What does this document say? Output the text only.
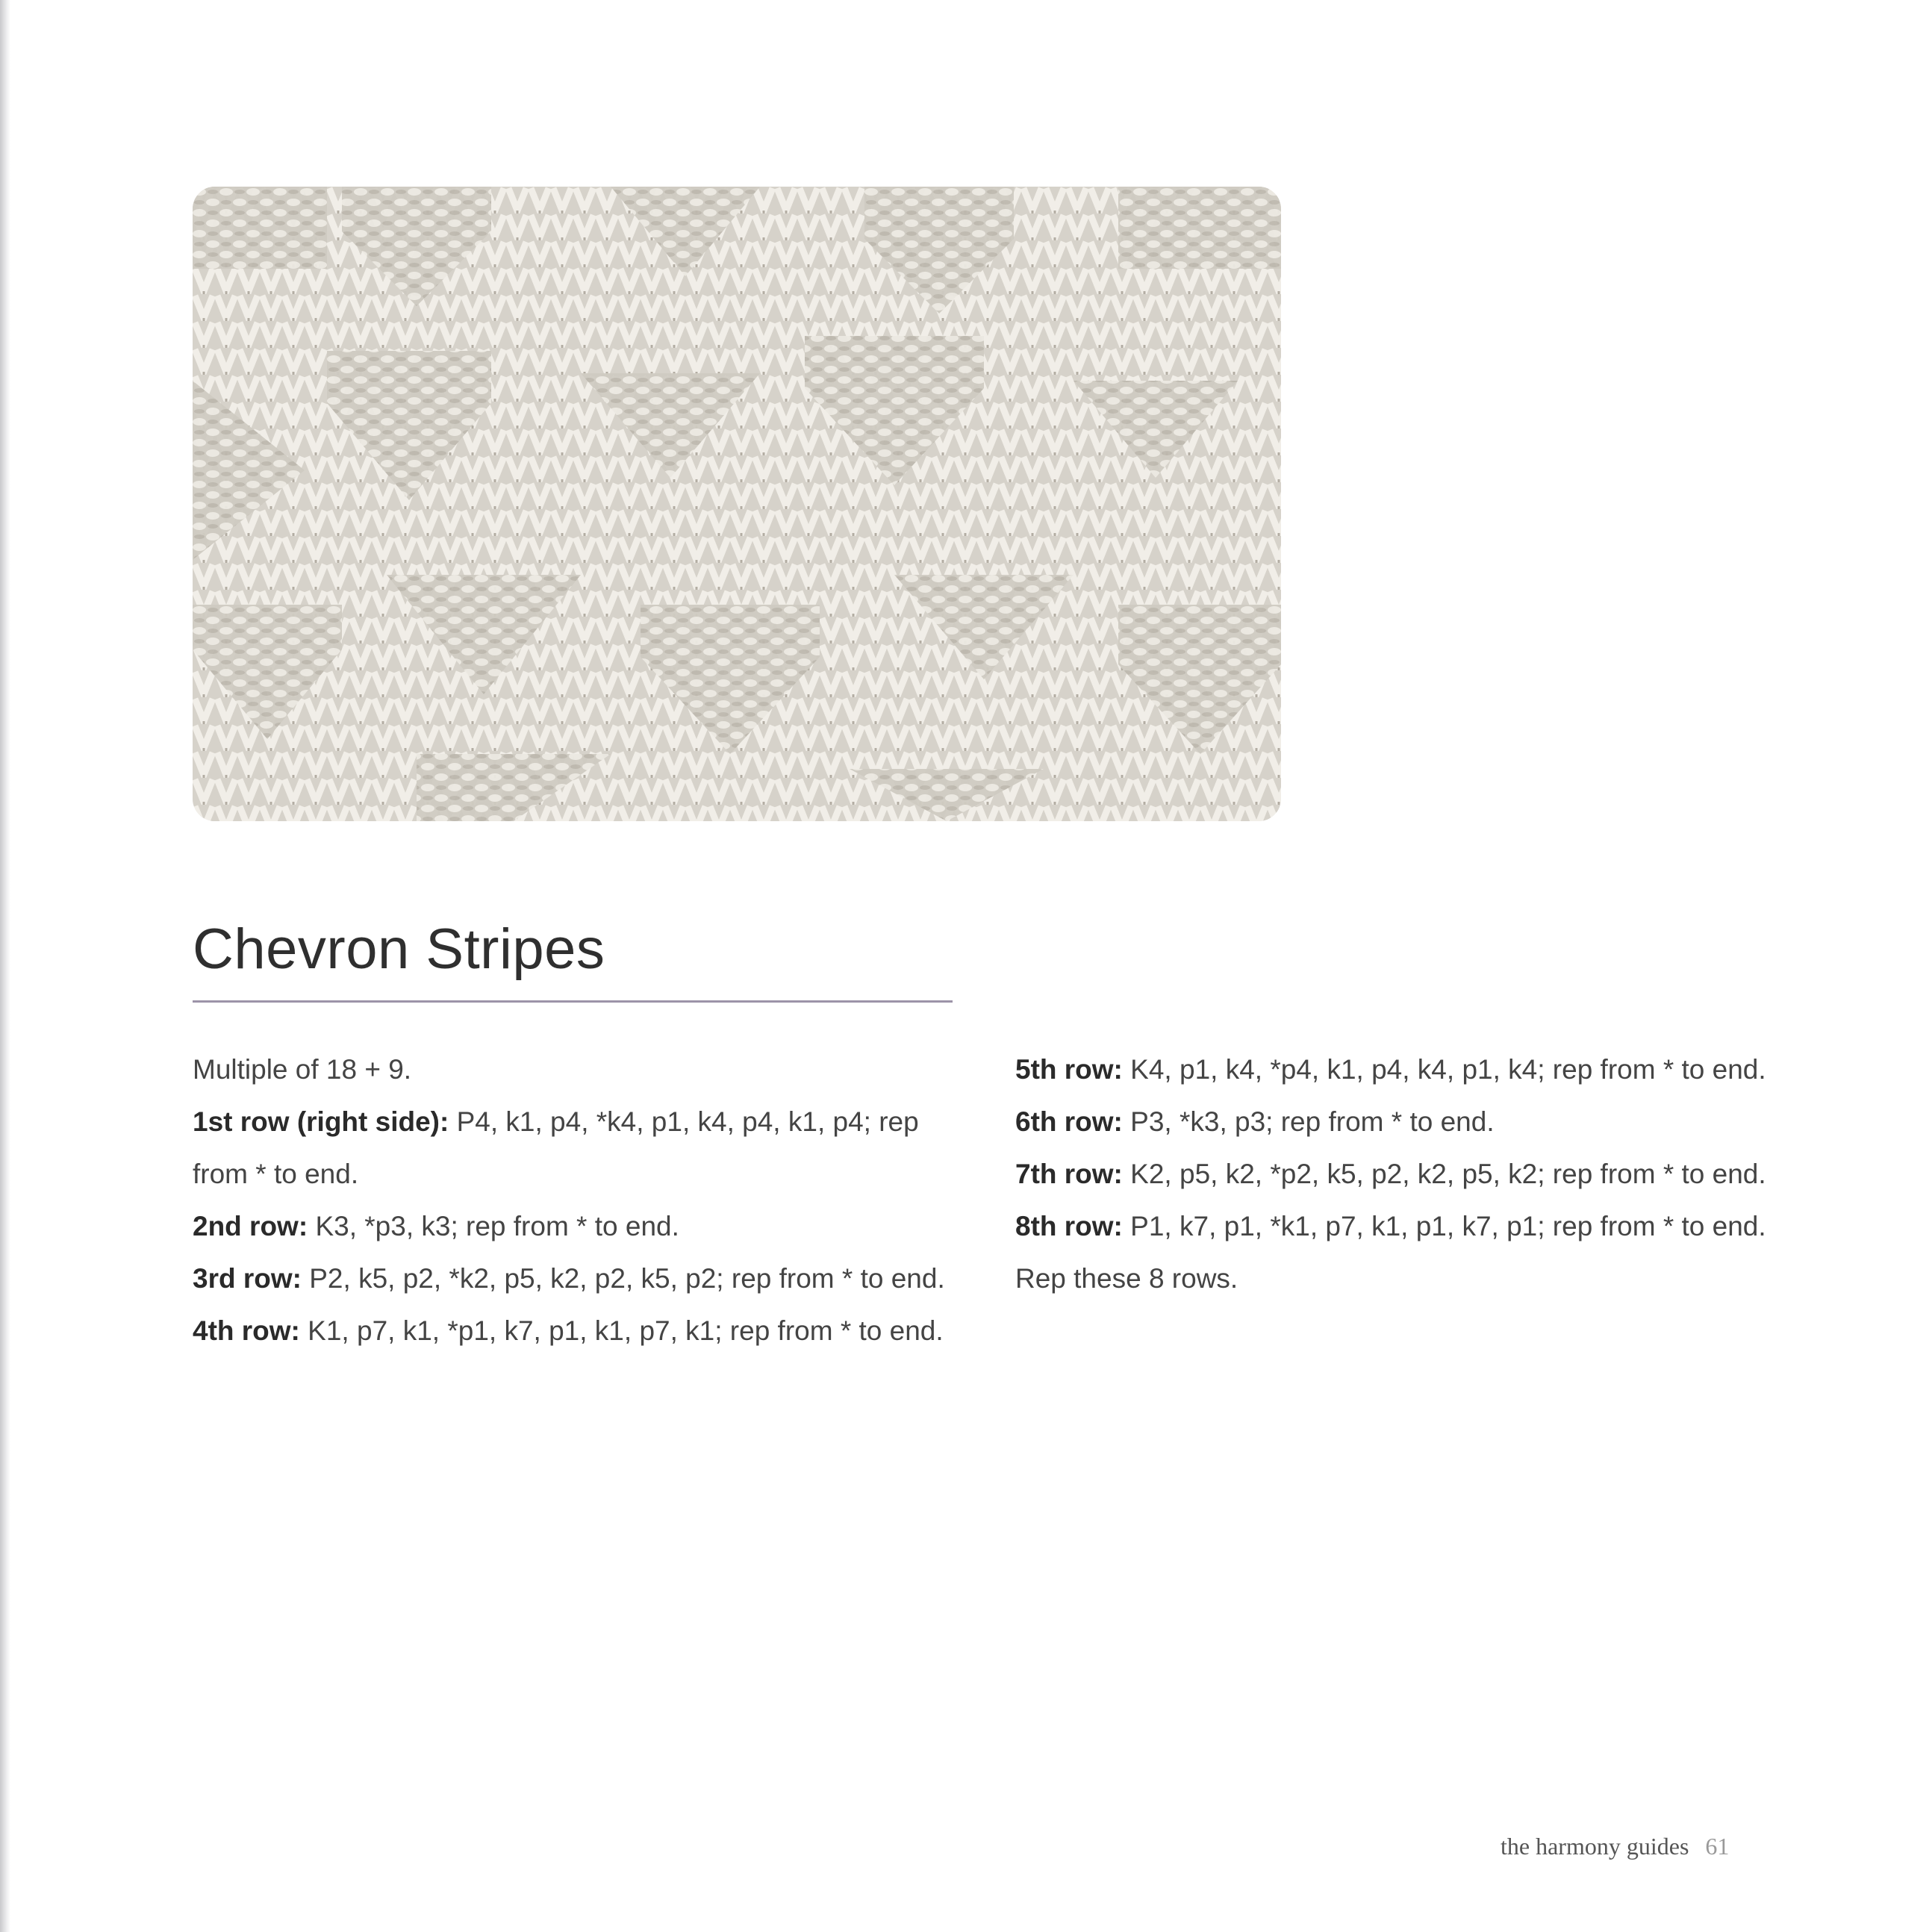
Chevron Stripes

Multiple of 18 + 9.

1st row (right side): P4, k1, p4, *k4, p1, k4, p4, k1, p4; rep from * to end.

2nd row: K3, *p3, k3; rep from * to end.

3rd row: P2, k5, p2, *k2, p5, k2, p2, k5, p2; rep from * to end.

4th row: K1, p7, k1, *p1, k7, p1, k1, p7, k1; rep from * to end.

5th row: K4, p1, k4, *p4, k1, p4, k4, p1, k4; rep from * to end.

6th row: P3, *k3, p3; rep from * to end.

7th row: K2, p5, k2, *p2, k5, p2, k2, p5, k2; rep from * to end.

8th row: P1, k7, p1, *k1, p7, k1, p1, k7, p1; rep from * to end.

Rep these 8 rows.

the harmony guides 61
